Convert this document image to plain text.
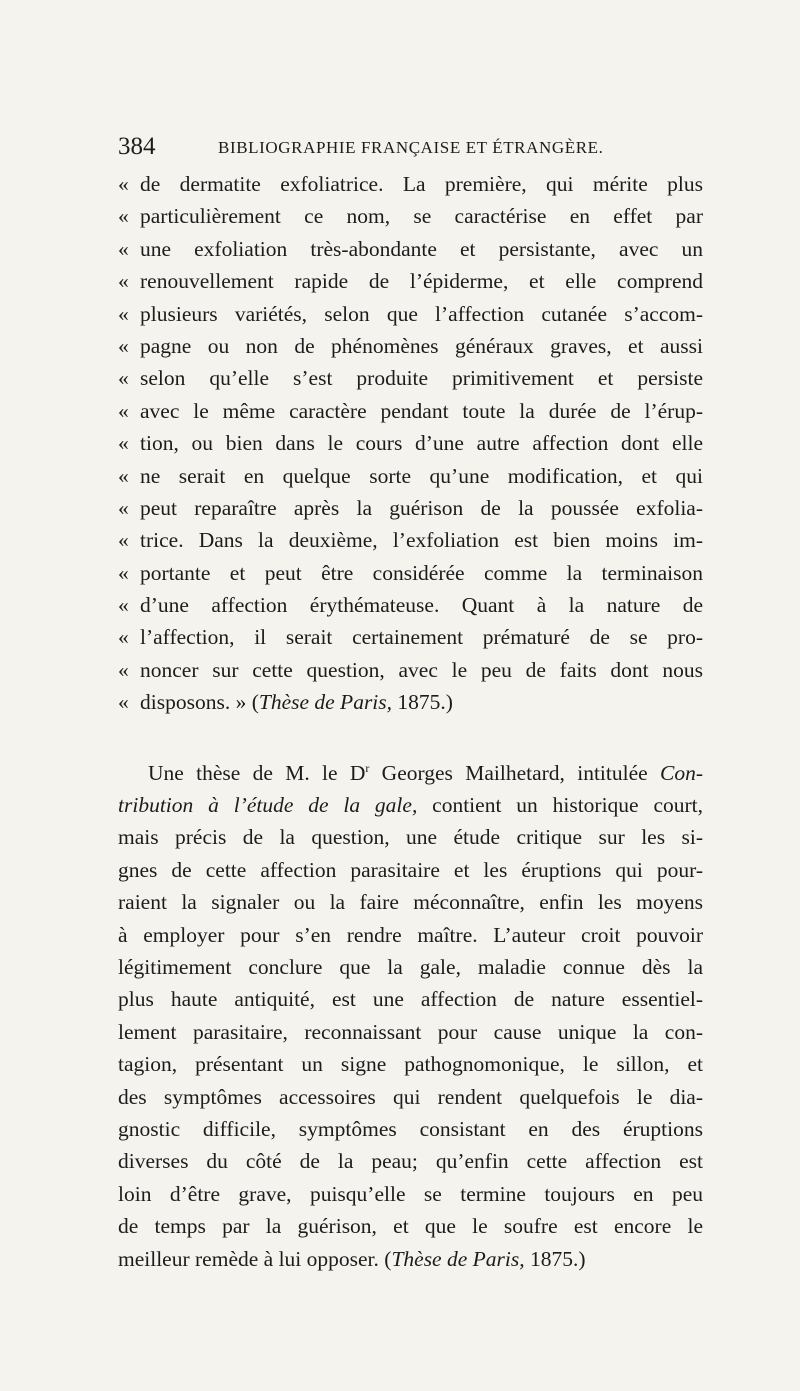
384	BIBLIOGRAPHIE FRANÇAISE ET ÉTRANGÈRE.
« de dermatite exfoliatrice. La première, qui mérite plus
« particulièrement ce nom, se caractérise en effet par
« une exfoliation très-abondante et persistante, avec un
« renouvellement rapide de l’épiderme, et elle comprend
« plusieurs variétés, selon que l’affection cutanée s’accom-
« pagne ou non de phénomènes généraux graves, et aussi
« selon qu’elle s’est produite primitivement et persiste
« avec le même caractère pendant toute la durée de l’érup-
« tion, ou bien dans le cours d’une autre affection dont elle
« ne serait en quelque sorte qu’une modification, et qui
« peut reparaître après la guérison de la poussée exfolia-
« trice. Dans la deuxième, l’exfoliation est bien moins im-
« portante et peut être considérée comme la terminaison
« d’une affection érythémateuse. Quant à la nature de
« l’affection, il serait certainement prématuré de se pro-
« noncer sur cette question, avec le peu de faits dont nous
« disposons. » (Thèse de Paris, 1875.)
Une thèse de M. le $D^r$ Georges Mailhetard, intitulée Con-
tribution à l’étude de la gale, contient un historique court,
mais précis de la question, une étude critique sur les si-
gnes de cette affection parasitaire et les éruptions qui pour-
raient la signaler ou la faire méconnaître, enfin les moyens
à employer pour s’en rendre maître. L’auteur croit pouvoir
légitimement conclure que la gale, maladie connue dès la
plus haute antiquité, est une affection de nature essentiel-
lement parasitaire, reconnaissant pour cause unique la con-
tagion, présentant un signe pathognomonique, le sillon, et
des symptômes accessoires qui rendent quelquefois le dia-
gnostic difficile, symptômes consistant en des éruptions
diverses du côté de la peau; qu’enfin cette affection est
loin d’être grave, puisqu’elle se termine toujours en peu
de temps par la guérison, et que le soufre est encore le
meilleur remède à lui opposer. (Thèse de Paris, 1875.)
